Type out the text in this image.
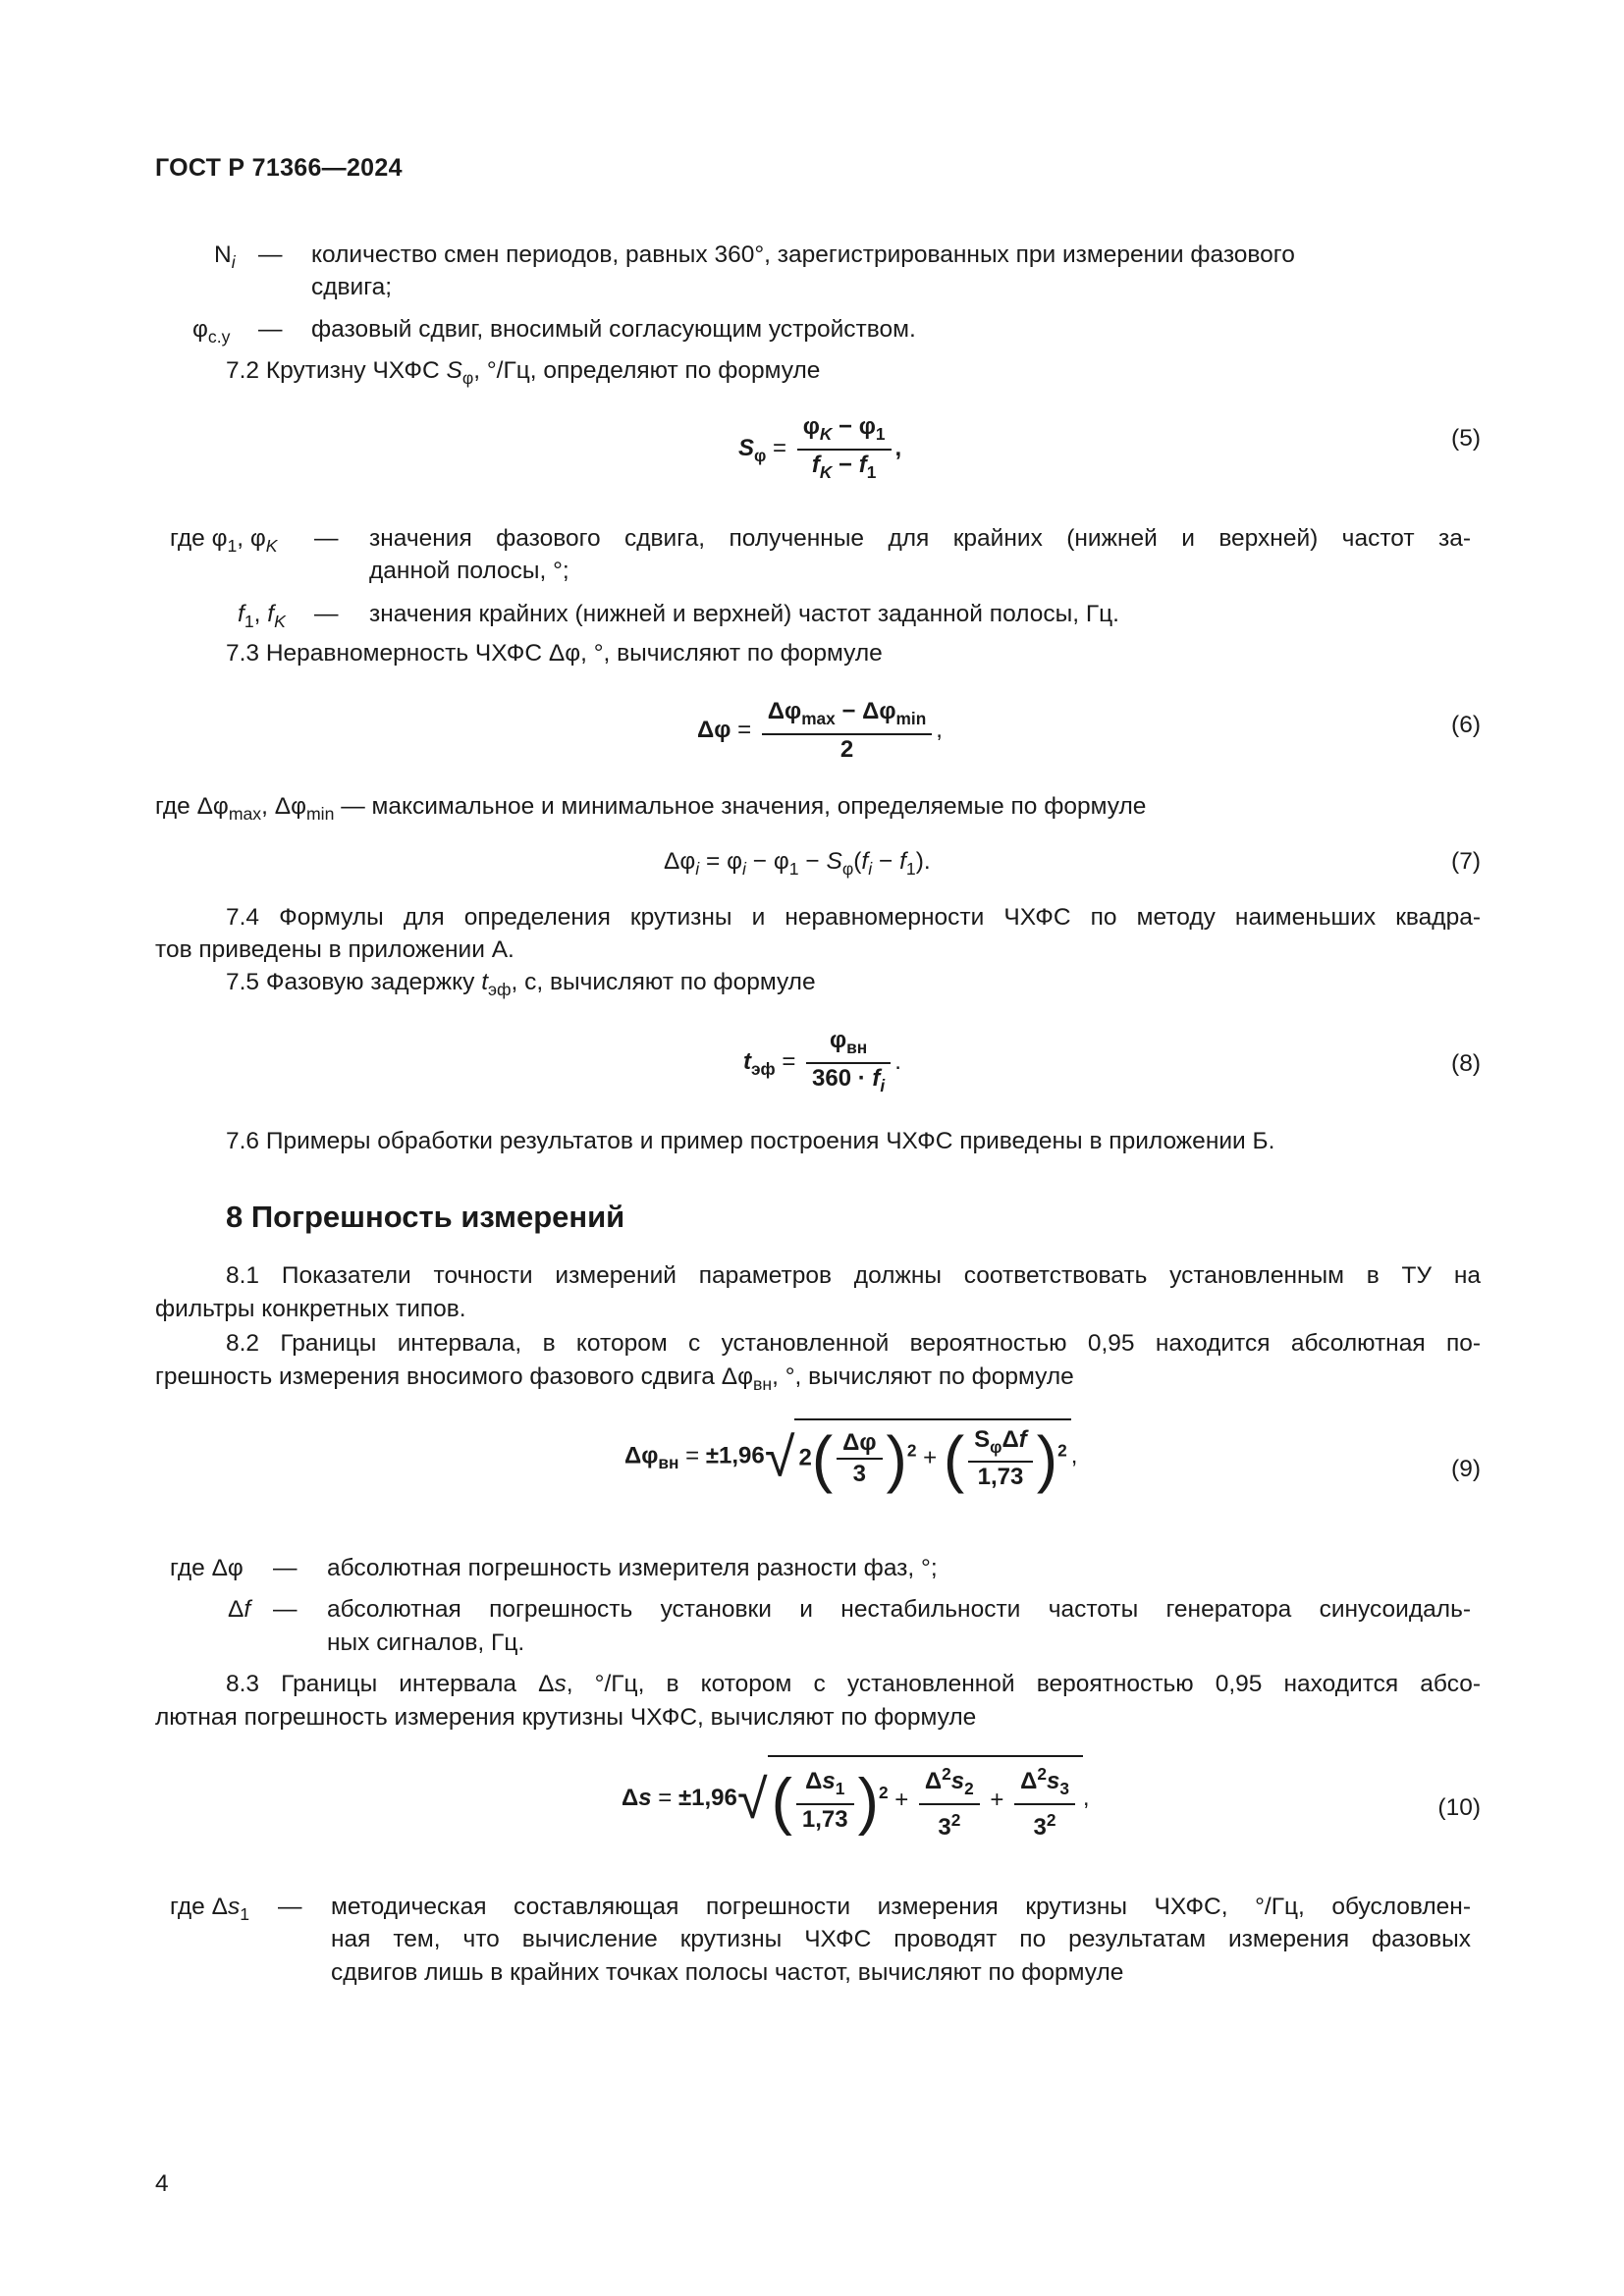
ГОСТ Р 71366—2024
$N_i$ — количество смен периодов, равных 360°, зарегистрированных при измерении фазового
сдвига;
$\varphi_{с.у}$ — фазовый сдвиг, вносимый согласующим устройством.
7.2 Крутизну ЧХФС $S_\varphi$, °/Гц, определяют по формуле
$S_\varphi = \frac{\varphi_K - \varphi_1}{f_K - f_1}$ ,	(5)
где $\varphi_1$, $\varphi_K$ — значения фазового сдвига, полученные для крайних (нижней и верхней) частот за-
данной полосы, °;
$f_1$, $f_K$ — значения крайних (нижней и верхней) частот заданной полосы, Гц.
7.3 Неравномерность ЧХФС Δφ, °, вычисляют по формуле
Δφ =
$\Delta\varphi_{max} - \Delta\varphi_{min}$
2
,	(6)
где $\Delta\varphi_{max}$, $\Delta\varphi_{min}$ — максимальное и минимальное значения, определяемые по формуле
$\Delta\varphi_i = \varphi_i - \varphi_1 - S_\varphi(f_i - f_1)$.	(7)
7.4 Формулы для определения крутизны и неравномерности ЧХФС по методу наименьших квадра-
тов приведены в приложении А.
7.5 Фазовую задержку $t_{эф}$, с, вычисляют по формуле
$t_{эф}$ =
$\varphi_{вн}$
$360 \cdot f_i$
.	(8)
7.6 Примеры обработки результатов и пример построения ЧХФС приведены в приложении Б.
8 Погрешность измерений
8.1 Показатели точности измерений параметров должны соответствовать установленным в ТУ на
фильтры конкретных типов.
8.2 Границы интервала, в котором с установленной вероятностью 0,95 находится абсолютная по-
грешность измерения вносимого фазового сдвига $\Delta\varphi_{вн}$, °, вычисляют по формуле
$\Delta\varphi_{вн} = \pm 1,96√$ $2( \frac{\Delta\varphi}{3} )^2$ + ( $S_\varphi\Delta f$
1,73 )$^2$ ,
(9)
где Δφ — абсолютная погрешность измерителя разности фаз, °;
Δf — абсолютная погрешность установки и нестабильности частоты генератора синусоидаль-
ных сигналов, Гц.
8.3 Границы интервала Δs, °/Гц, в котором с установленной вероятностью 0,95 находится абсо-
лютная погрешность измерения крутизны ЧХФС, вычисляют по формуле
$\Delta s = \pm 1,96√( \frac{\Delta s_1}{1,73} )^2 + \frac{\Delta^2s_2}{3^2} + \frac{\Delta^2s_3}{3^2}$ ,	(10)
где $\Delta s_1$ — методическая составляющая погрешности измерения крутизны ЧХФС, °/Гц, обусловлен-
ная тем, что вычисление крутизны ЧХФС проводят по результатам измерения фазовых
сдвигов лишь в крайних точках полосы частот, вычисляют по формуле
4
